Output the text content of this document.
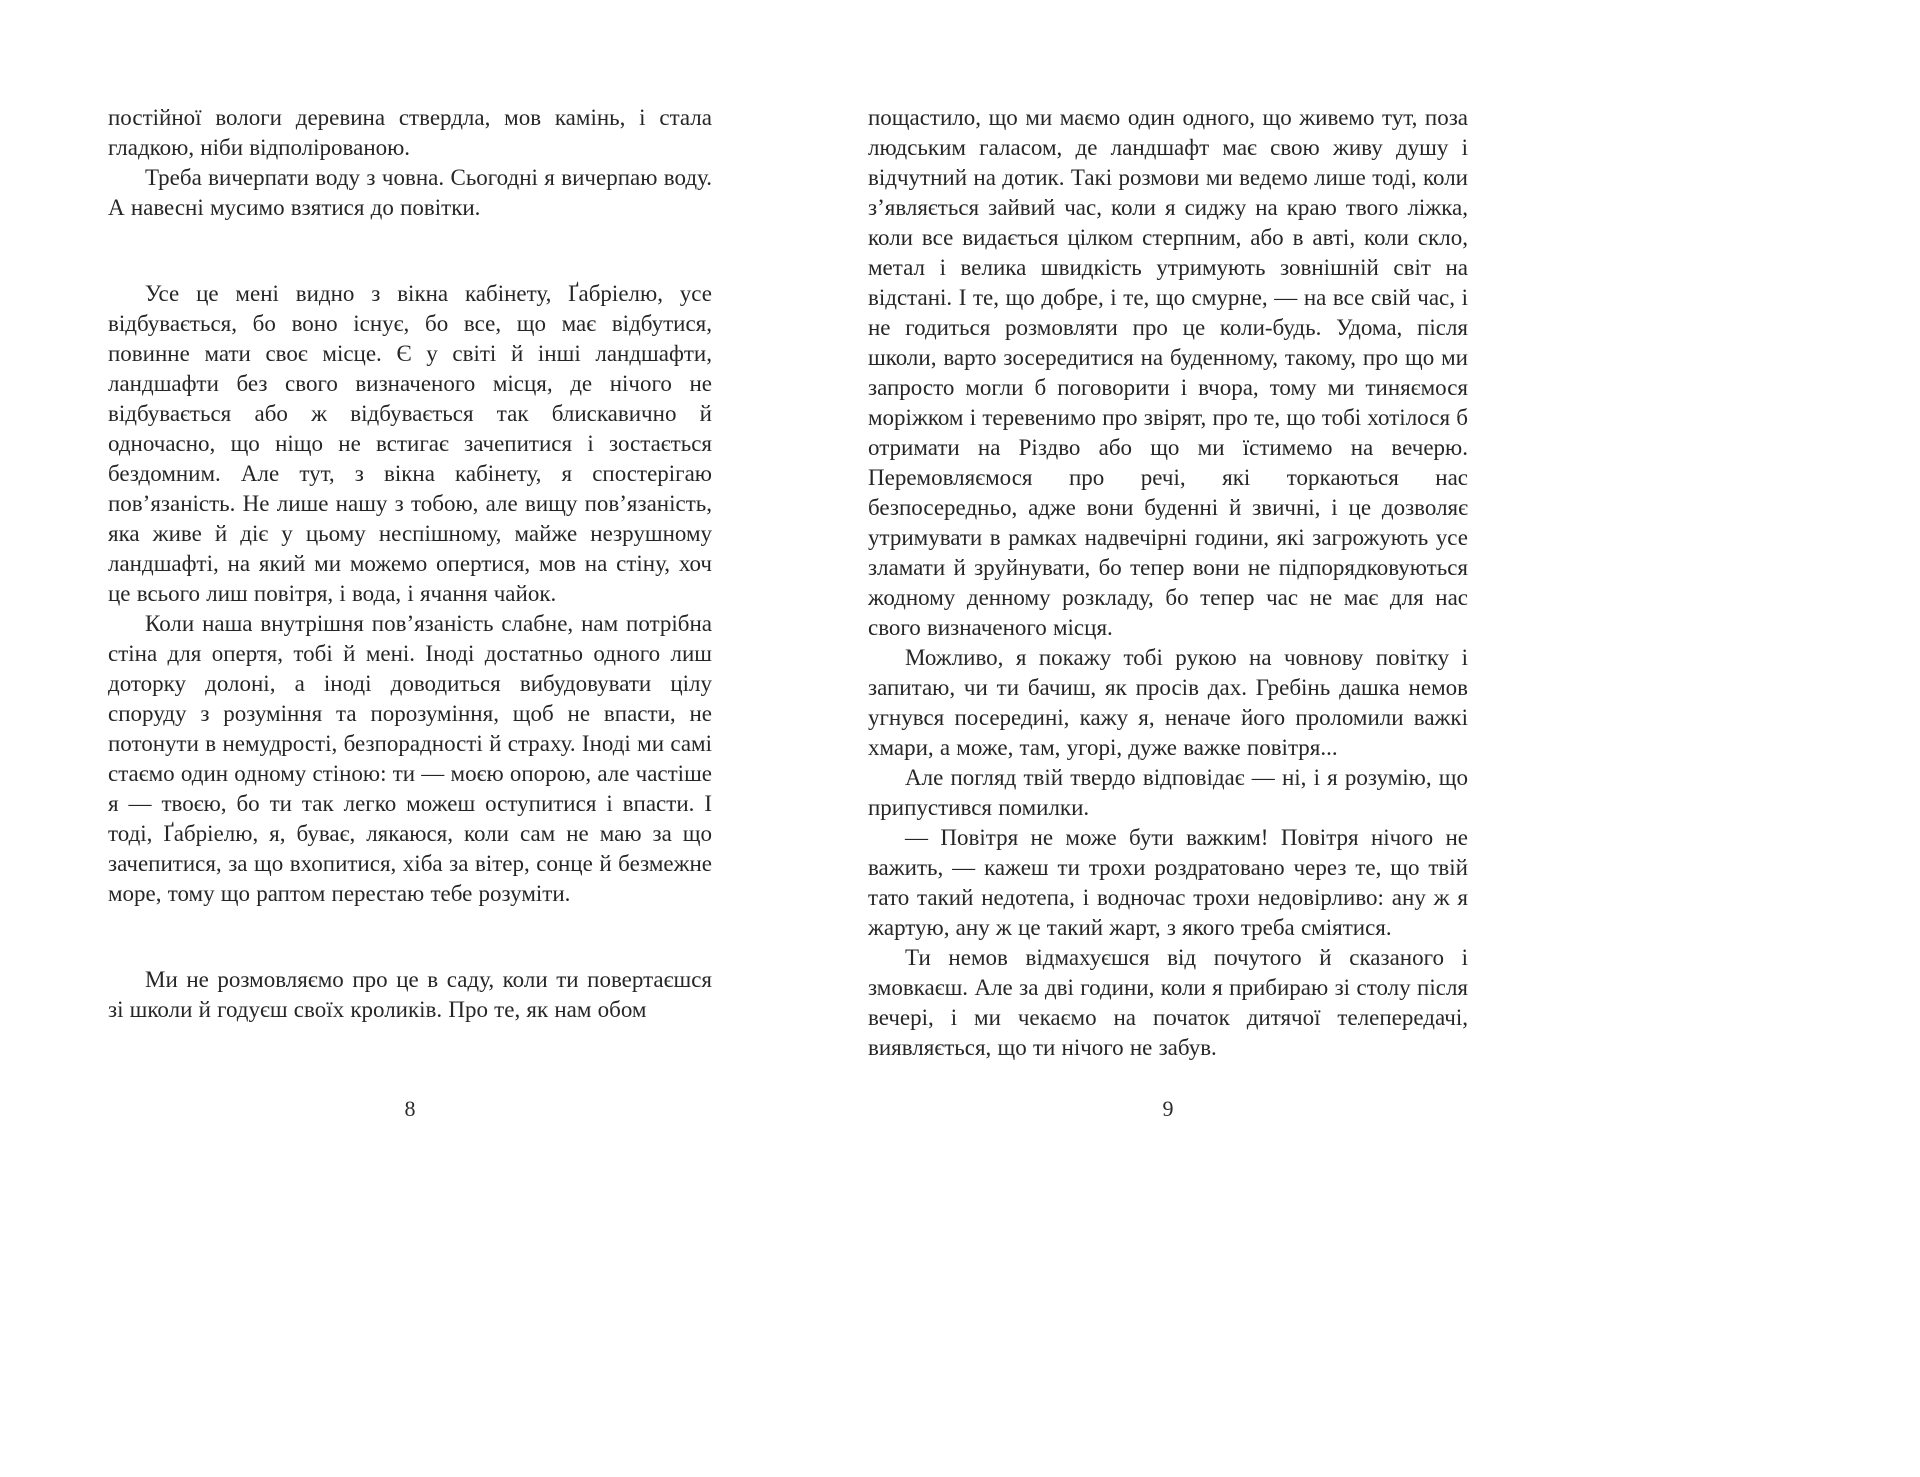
постійної вологи деревина ствердла, мов камінь, і стала гладкою, ніби відполірованою.

Треба вичерпати воду з човна. Сьогодні я вичерпаю воду. А навесні мусимо взятися до повітки.

Усе це мені видно з вікна кабінету, Ґабріелю, усе відбувається, бо воно існує, бо все, що має відбутися, повинне мати своє місце. Є у світі й інші ландшафти, ландшафти без свого визначеного місця, де нічого не відбувається або ж відбувається так блискавично й одночасно, що ніщо не встигає зачепитися і зостається бездомним. Але тут, з вікна кабінету, я спостерігаю пов’язаність. Не лише нашу з тобою, але вищу пов’язаність, яка живе й діє у цьому неспішному, майже незрушному ландшафті, на який ми можемо опертися, мов на стіну, хоч це всього лиш повітря, і вода, і ячання чайок.

Коли наша внутрішня пов’язаність слабне, нам потрібна стіна для опертя, тобі й мені. Іноді достатньо одного лиш доторку долоні, а іноді доводиться вибудовувати цілу споруду з розуміння та порозуміння, щоб не впасти, не потонути в немудрості, безпорадності й страху. Іноді ми самі стаємо один одному стіною: ти — моєю опорою, але частіше я — твоєю, бо ти так легко можеш оступитися і впасти. І тоді, Ґабріелю, я, буває, лякаюся, коли сам не маю за що зачепитися, за що вхопитися, хіба за вітер, сонце й безмежне море, тому що раптом перестаю тебе розуміти.

Ми не розмовляємо про це в саду, коли ти повертаєшся зі школи й годуєш своїх кроликів. Про те, як нам обом

пощастило, що ми маємо один одного, що живемо тут, поза людським галасом, де ландшафт має свою живу душу і відчутний на дотик. Такі розмови ми ведемо лише тоді, коли з’являється зайвий час, коли я сиджу на краю твого ліжка, коли все видається цілком стерпним, або в авті, коли скло, метал і велика швидкість утримують зовнішній світ на відстані. І те, що добре, і те, що смурне, — на все свій час, і не годиться розмовляти про це коли-будь. Удома, після школи, варто зосередитися на буденному, такому, про що ми запросто могли б поговорити і вчора, тому ми тиняємося моріжком і теревенимо про звірят, про те, що тобі хотілося б отримати на Різдво або що ми їстимемо на вечерю. Перемовляємося про речі, які торкаються нас безпосередньо, адже вони буденні й звичні, і це дозволяє утримувати в рамках надвечірні години, які загрожують усе зламати й зруйнувати, бо тепер вони не підпорядковуються жодному денному розкладу, бо тепер час не має для нас свого визначеного місця.

Можливо, я покажу тобі рукою на човнову повітку і запитаю, чи ти бачиш, як просів дах. Гребінь дашка немов угнувся посередині, кажу я, неначе його проломили важкі хмари, а може, там, угорі, дуже важке повітря...

Але погляд твій твердо відповідає — ні, і я розумію, що припустився помилки.

— Повітря не може бути важким! Повітря нічого не важить, — кажеш ти трохи роздратовано через те, що твій тато такий недотепа, і водночас трохи недовірливо: ану ж я жартую, ану ж це такий жарт, з якого треба сміятися.

Ти немов відмахуєшся від почутого й сказаного і змовкаєш. Але за дві години, коли я прибираю зі столу після вечері, і ми чекаємо на початок дитячої телепередачі, виявляється, що ти нічого не забув.

8	9
